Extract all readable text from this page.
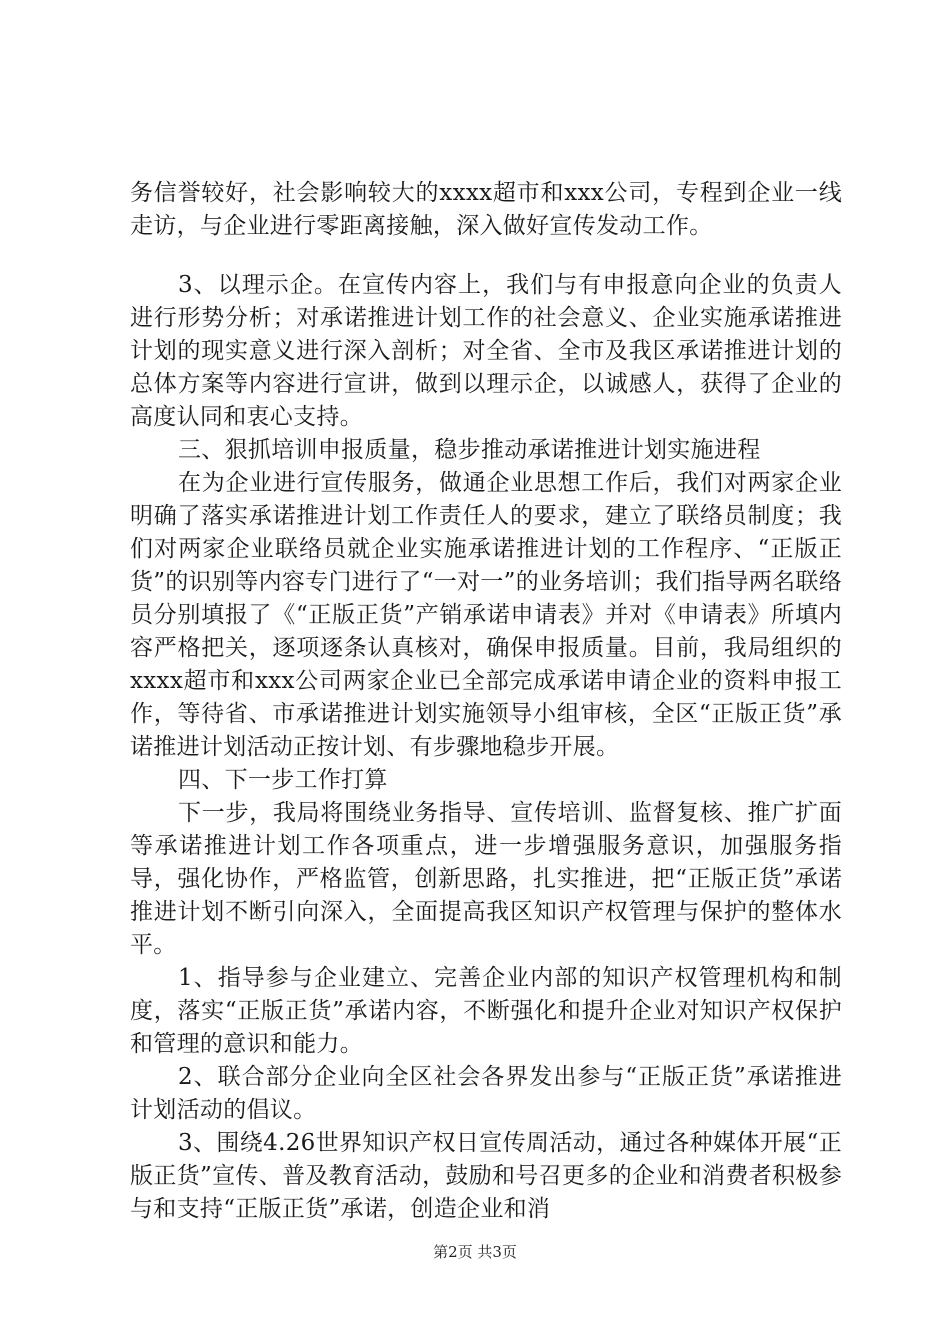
务信誉较好，社会影响较大的xxxx超市和xxx公司，专程到企业一线走访，与企业进行零距离接触，深入做好宣传发动工作。

3、以理示企。在宣传内容上，我们与有申报意向企业的负责人进行形势分析；对承诺推进计划工作的社会意义、企业实施承诺推进计划的现实意义进行深入剖析；对全省、全市及我区承诺推进计划的总体方案等内容进行宣讲，做到以理示企，以诚感人，获得了企业的高度认同和衷心支持。

三、狠抓培训申报质量，稳步推动承诺推进计划实施进程

在为企业进行宣传服务，做通企业思想工作后，我们对两家企业明确了落实承诺推进计划工作责任人的要求，建立了联络员制度；我们对两家企业联络员就企业实施承诺推进计划的工作程序、“正版正货”的识别等内容专门进行了“一对一”的业务培训；我们指导两名联络员分别填报了《“正版正货”产销承诺申请表》并对《申请表》所填内容严格把关，逐项逐条认真核对，确保申报质量。目前，我局组织的xxxx超市和xxx公司两家企业已全部完成承诺申请企业的资料申报工作，等待省、市承诺推进计划实施领导小组审核，全区“正版正货”承诺推进计划活动正按计划、有步骤地稳步开展。

四、下一步工作打算

下一步，我局将围绕业务指导、宣传培训、监督复核、推广扩面等承诺推进计划工作各项重点，进一步增强服务意识，加强服务指导，强化协作，严格监管，创新思路，扎实推进，把“正版正货”承诺推进计划不断引向深入，全面提高我区知识产权管理与保护的整体水平。

1、指导参与企业建立、完善企业内部的知识产权管理机构和制度，落实“正版正货”承诺内容，不断强化和提升企业对知识产权保护和管理的意识和能力。

2、联合部分企业向全区社会各界发出参与“正版正货”承诺推进计划活动的倡议。

3、围绕4.26世界知识产权日宣传周活动，通过各种媒体开展“正版正货”宣传、普及教育活动，鼓励和号召更多的企业和消费者积极参与和支持“正版正货”承诺，创造企业和消

第2页 共3页
